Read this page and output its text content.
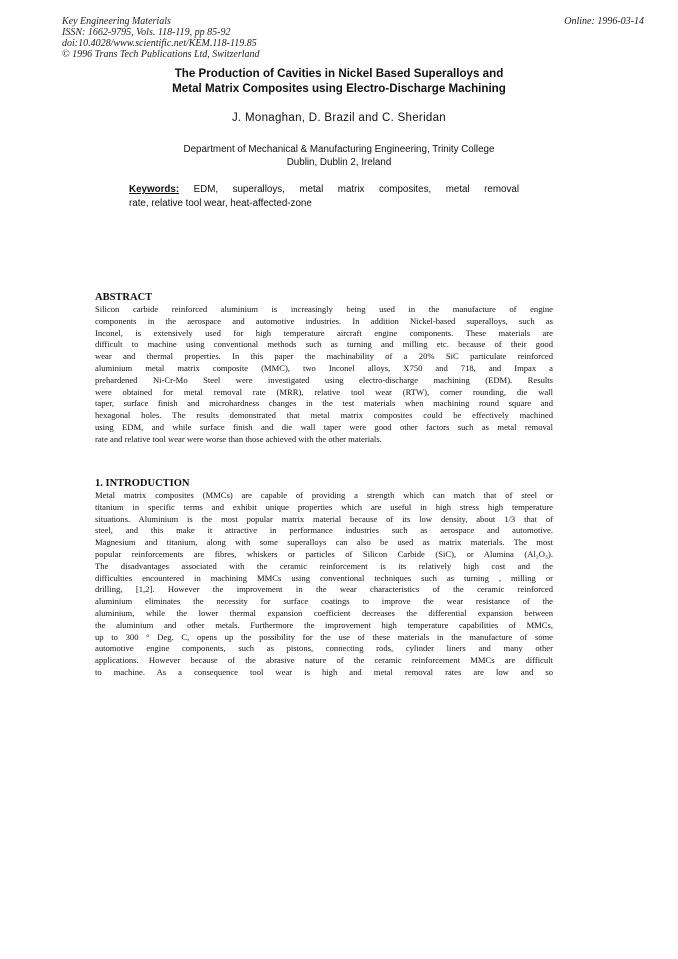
Key Engineering Materials
ISSN: 1662-9795, Vols. 118-119, pp 85-92
doi:10.4028/www.scientific.net/KEM.118-119.85
© 1996 Trans Tech Publications Ltd, Switzerland
Online: 1996-03-14
The Production of Cavities in Nickel Based Superalloys and
Metal Matrix Composites using Electro-Discharge Machining
J. Monaghan, D. Brazil and C. Sheridan
Department of Mechanical & Manufacturing Engineering, Trinity College
Dublin, Dublin 2, Ireland
Keywords: EDM, superalloys, metal matrix composites, metal removal
rate, relative tool wear, heat-affected-zone
ABSTRACT
Silicon carbide reinforced aluminium is increasingly being used in the manufacture of engine
components in the aerospace and automotive industries. In addition Nickel-based superalloys, such as
Inconel, is extensively used for high temperature aircraft engine components. These materials are
difficult to machine using conventional methods such as turning and milling etc. because of their good
wear and thermal properties. In this paper the machinability of a 20% SiC particulate reinforced
aluminium metal matrix composite (MMC), two Inconel alloys, X750 and 718, and Impax a
prehardened Ni-Cr-Mo Steel were investigated using electro-discharge machining (EDM). Results
were obtained for metal removal rate (MRR), relative tool wear (RTW), corner rounding, die wall
taper, surface finish and microhardness changes in the test materials when machining round square and
hexagonal holes. The results demonstrated that metal matrix composites could be effectively machined
using EDM, and while surface finish and die wall taper were good other factors such as metal removal
rate and relative tool wear were worse than those achieved with the other materials.
1. INTRODUCTION
Metal matrix composites (MMCs) are capable of providing a strength which can match that of steel or
titanium in specific terms and exhibit unique properties which are useful in high stress high temperature
situations. Aluminium is the most popular matrix material because of its low density, about 1/3 that of
steel, and this make it attractive in performance industries such as aerospace and automotive.
Magnesium and titanium, along with some superalloys can also be used as matrix materials. The most
popular reinforcements are fibres, whiskers or particles of Silicon Carbide (SiC), or Alumina (Al₂O₃).
The disadvantages associated with the ceramic reinforcement is its relatively high cost and the
difficulties encountered in machining MMCs using conventional techniques such as turning , milling or
drilling, [1,2]. However the improvement in the wear characteristics of the ceramic reinforced
aluminium eliminates the necessity for surface coatings to improve the wear resistance of the
aluminium, while the lower thermal expansion coefficient decreases the differential expansion between
the aluminium and other metals. Furthermore the improvement high temperature capabilities of MMCs,
up to 300 ° Deg. C, opens up the possibility for the use of these materials in the manufacture of some
automotive engine components, such as pistons, connecting rods, cylinder liners and many other
applications. However because of the abrasive nature of the ceramic reinforcement MMCs are difficult
to machine. As a consequence tool wear is high and metal removal rates are low and so
